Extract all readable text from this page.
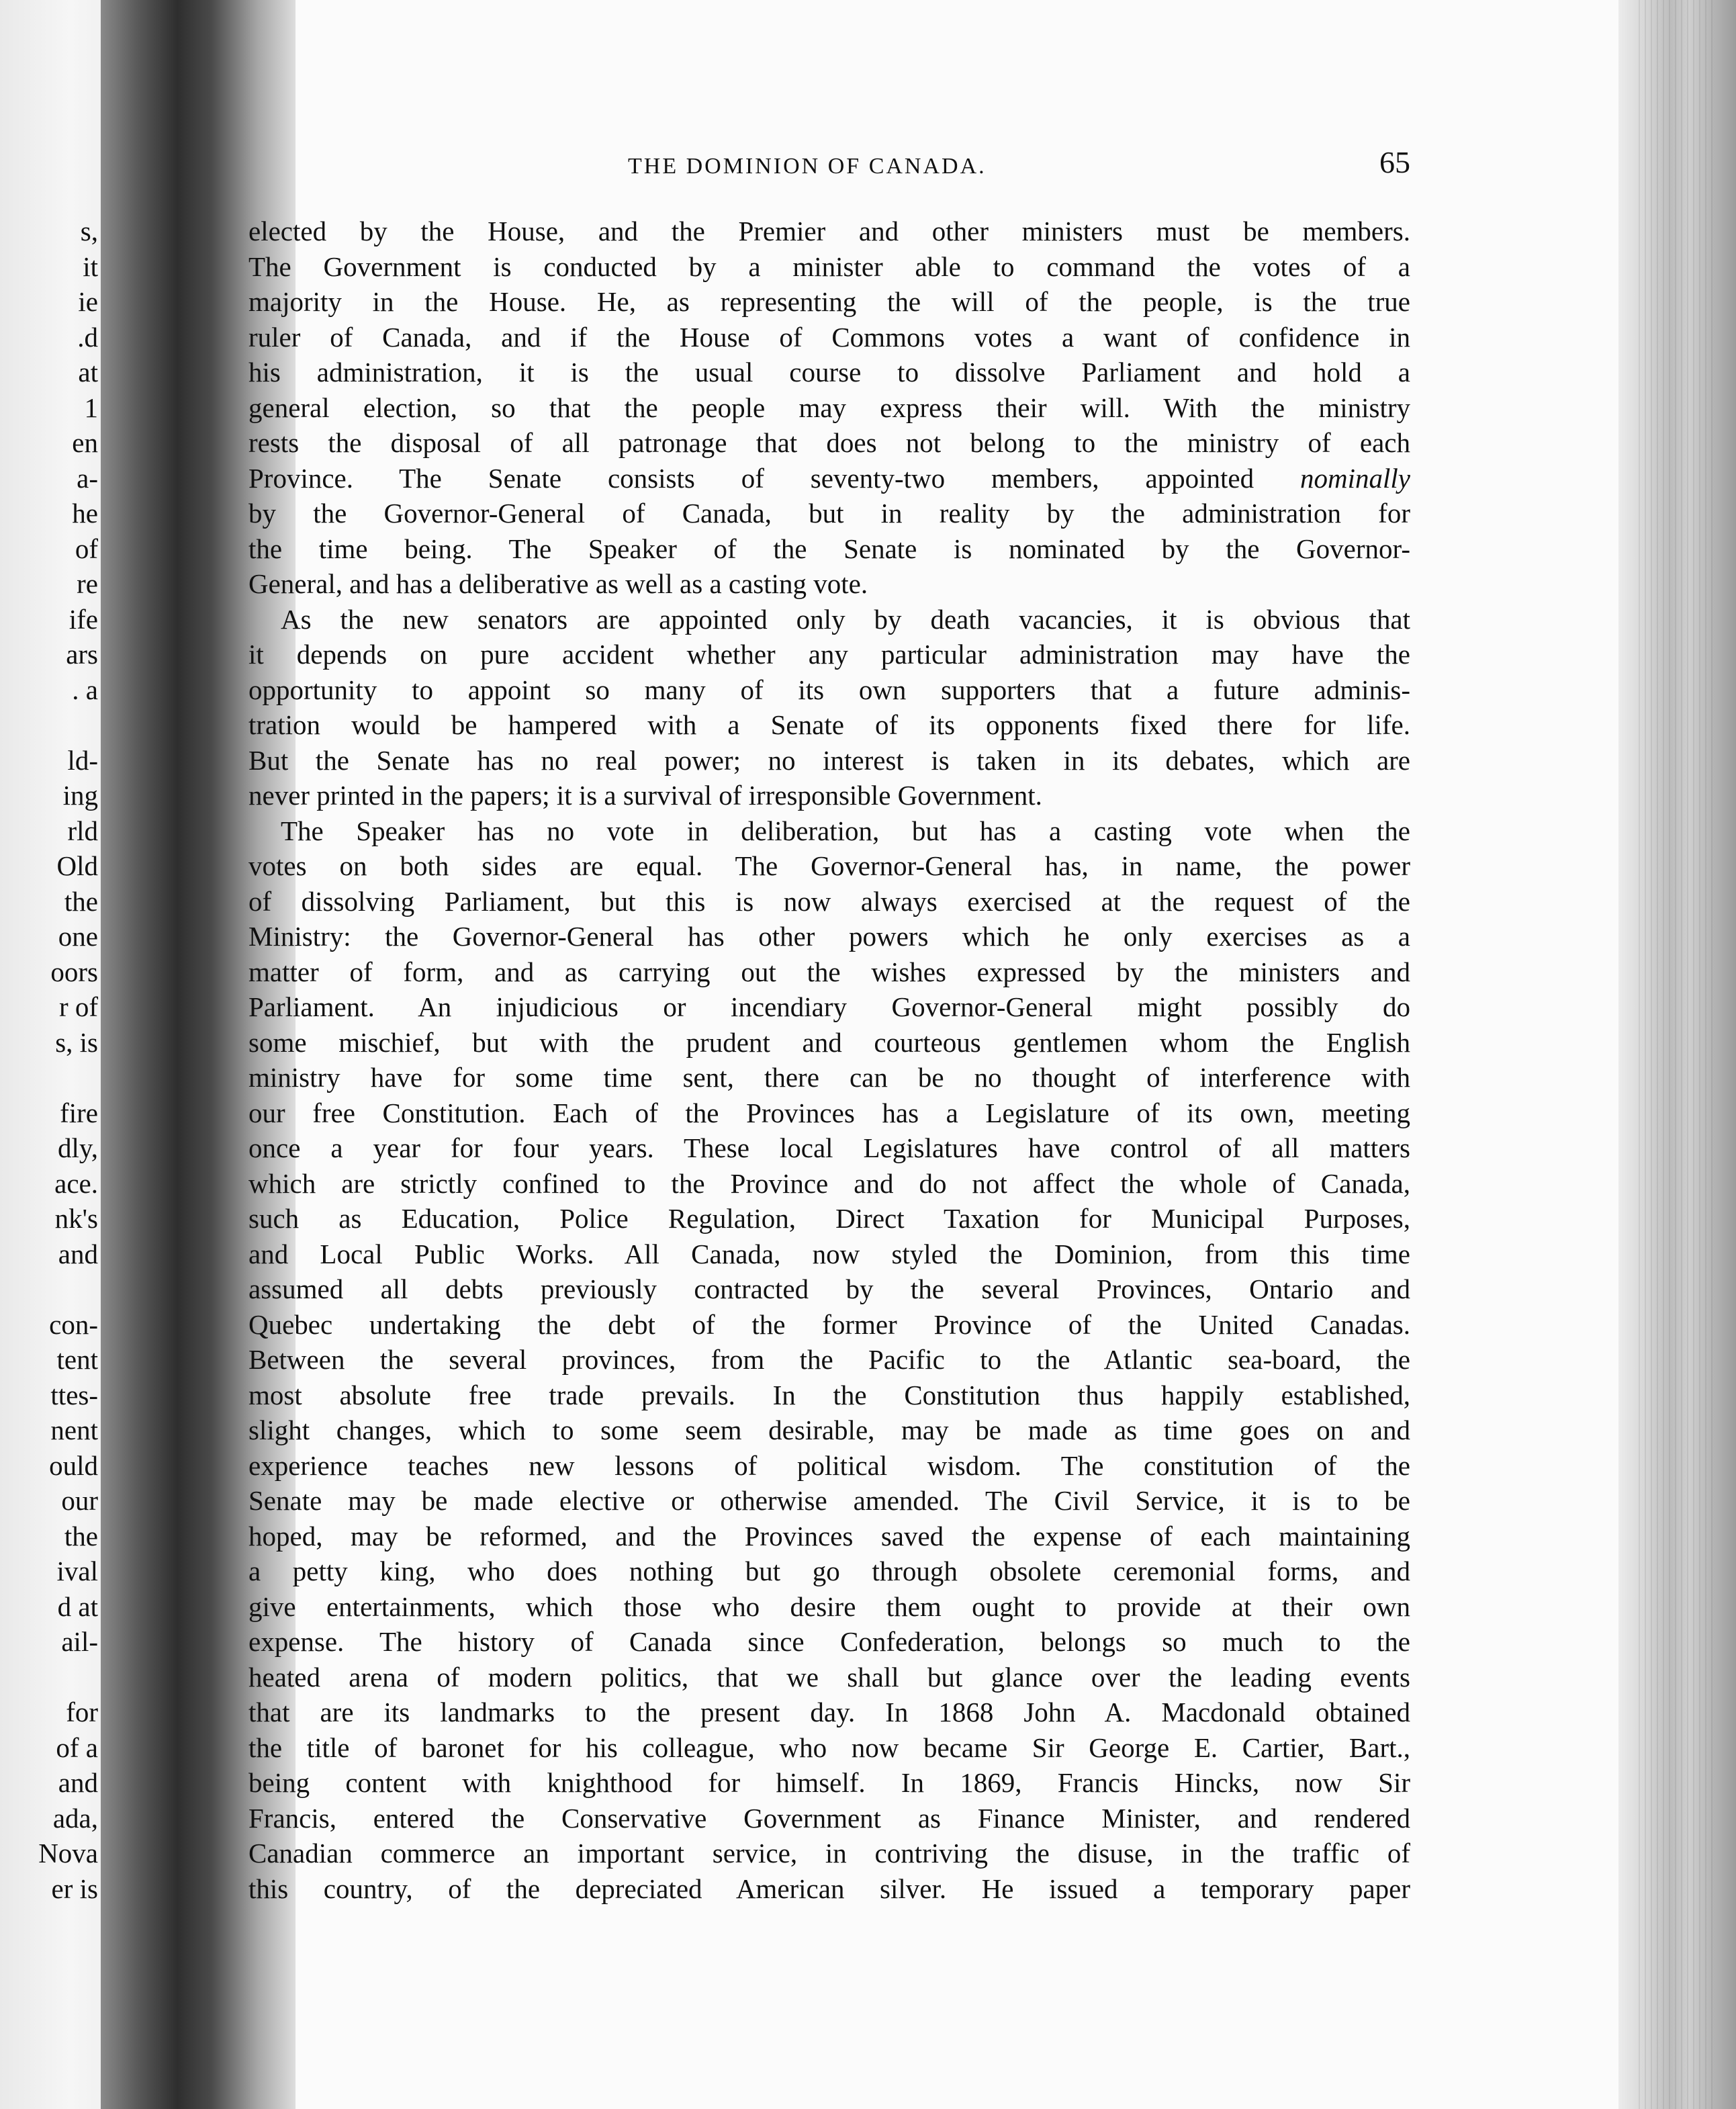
s,
it
ie
.d
at
1
en
a-
he
of
re
ife
ars
. a
ld-
ing
rld
Old
the
one
oors
r of
s, is
fire
dly,
ace.
nk's
and
con-
tent
ttes-
nent
ould
our
the
ival
d at
ail-
for
of a
and
ada,
Nova
er is
THE DOMINION OF CANADA.	65
elected by the House, and the Premier and other ministers must be members.
The Government is conducted by a minister able to command the votes of a
majority in the House. He, as representing the will of the people, is the true
ruler of Canada, and if the House of Commons votes a want of confidence in
his administration, it is the usual course to dissolve Parliament and hold a
general election, so that the people may express their will. With the ministry
rests the disposal of all patronage that does not belong to the ministry of each
Province. The Senate consists of seventy-two members, appointed nominally
by the Governor-General of Canada, but in reality by the administration for
the time being. The Speaker of the Senate is nominated by the Governor-
General, and has a deliberative as well as a casting vote.
As the new senators are appointed only by death vacancies, it is obvious that
it depends on pure accident whether any particular administration may have the
opportunity to appoint so many of its own supporters that a future adminis-
tration would be hampered with a Senate of its opponents fixed there for life.
But the Senate has no real power; no interest is taken in its debates, which are
never printed in the papers; it is a survival of irresponsible Government.
The Speaker has no vote in deliberation, but has a casting vote when the
votes on both sides are equal. The Governor-General has, in name, the power
of dissolving Parliament, but this is now always exercised at the request of the
Ministry: the Governor-General has other powers which he only exercises as a
matter of form, and as carrying out the wishes expressed by the ministers and
Parliament. An injudicious or incendiary Governor-General might possibly do
some mischief, but with the prudent and courteous gentlemen whom the English
ministry have for some time sent, there can be no thought of interference with
our free Constitution. Each of the Provinces has a Legislature of its own, meeting
once a year for four years. These local Legislatures have control of all matters
which are strictly confined to the Province and do not affect the whole of Canada,
such as Education, Police Regulation, Direct Taxation for Municipal Purposes,
and Local Public Works. All Canada, now styled the Dominion, from this time
assumed all debts previously contracted by the several Provinces, Ontario and
Quebec undertaking the debt of the former Province of the United Canadas.
Between the several provinces, from the Pacific to the Atlantic sea-board, the
most absolute free trade prevails. In the Constitution thus happily established,
slight changes, which to some seem desirable, may be made as time goes on and
experience teaches new lessons of political wisdom. The constitution of the
Senate may be made elective or otherwise amended. The Civil Service, it is to be
hoped, may be reformed, and the Provinces saved the expense of each maintaining
a petty king, who does nothing but go through obsolete ceremonial forms, and
give entertainments, which those who desire them ought to provide at their own
expense. The history of Canada since Confederation, belongs so much to the
heated arena of modern politics, that we shall but glance over the leading events
that are its landmarks to the present day. In 1868 John A. Macdonald obtained
the title of baronet for his colleague, who now became Sir George E. Cartier, Bart.,
being content with knighthood for himself. In 1869, Francis Hincks, now Sir
Francis, entered the Conservative Government as Finance Minister, and rendered
Canadian commerce an important service, in contriving the disuse, in the traffic of
this country, of the depreciated American silver. He issued a temporary paper
